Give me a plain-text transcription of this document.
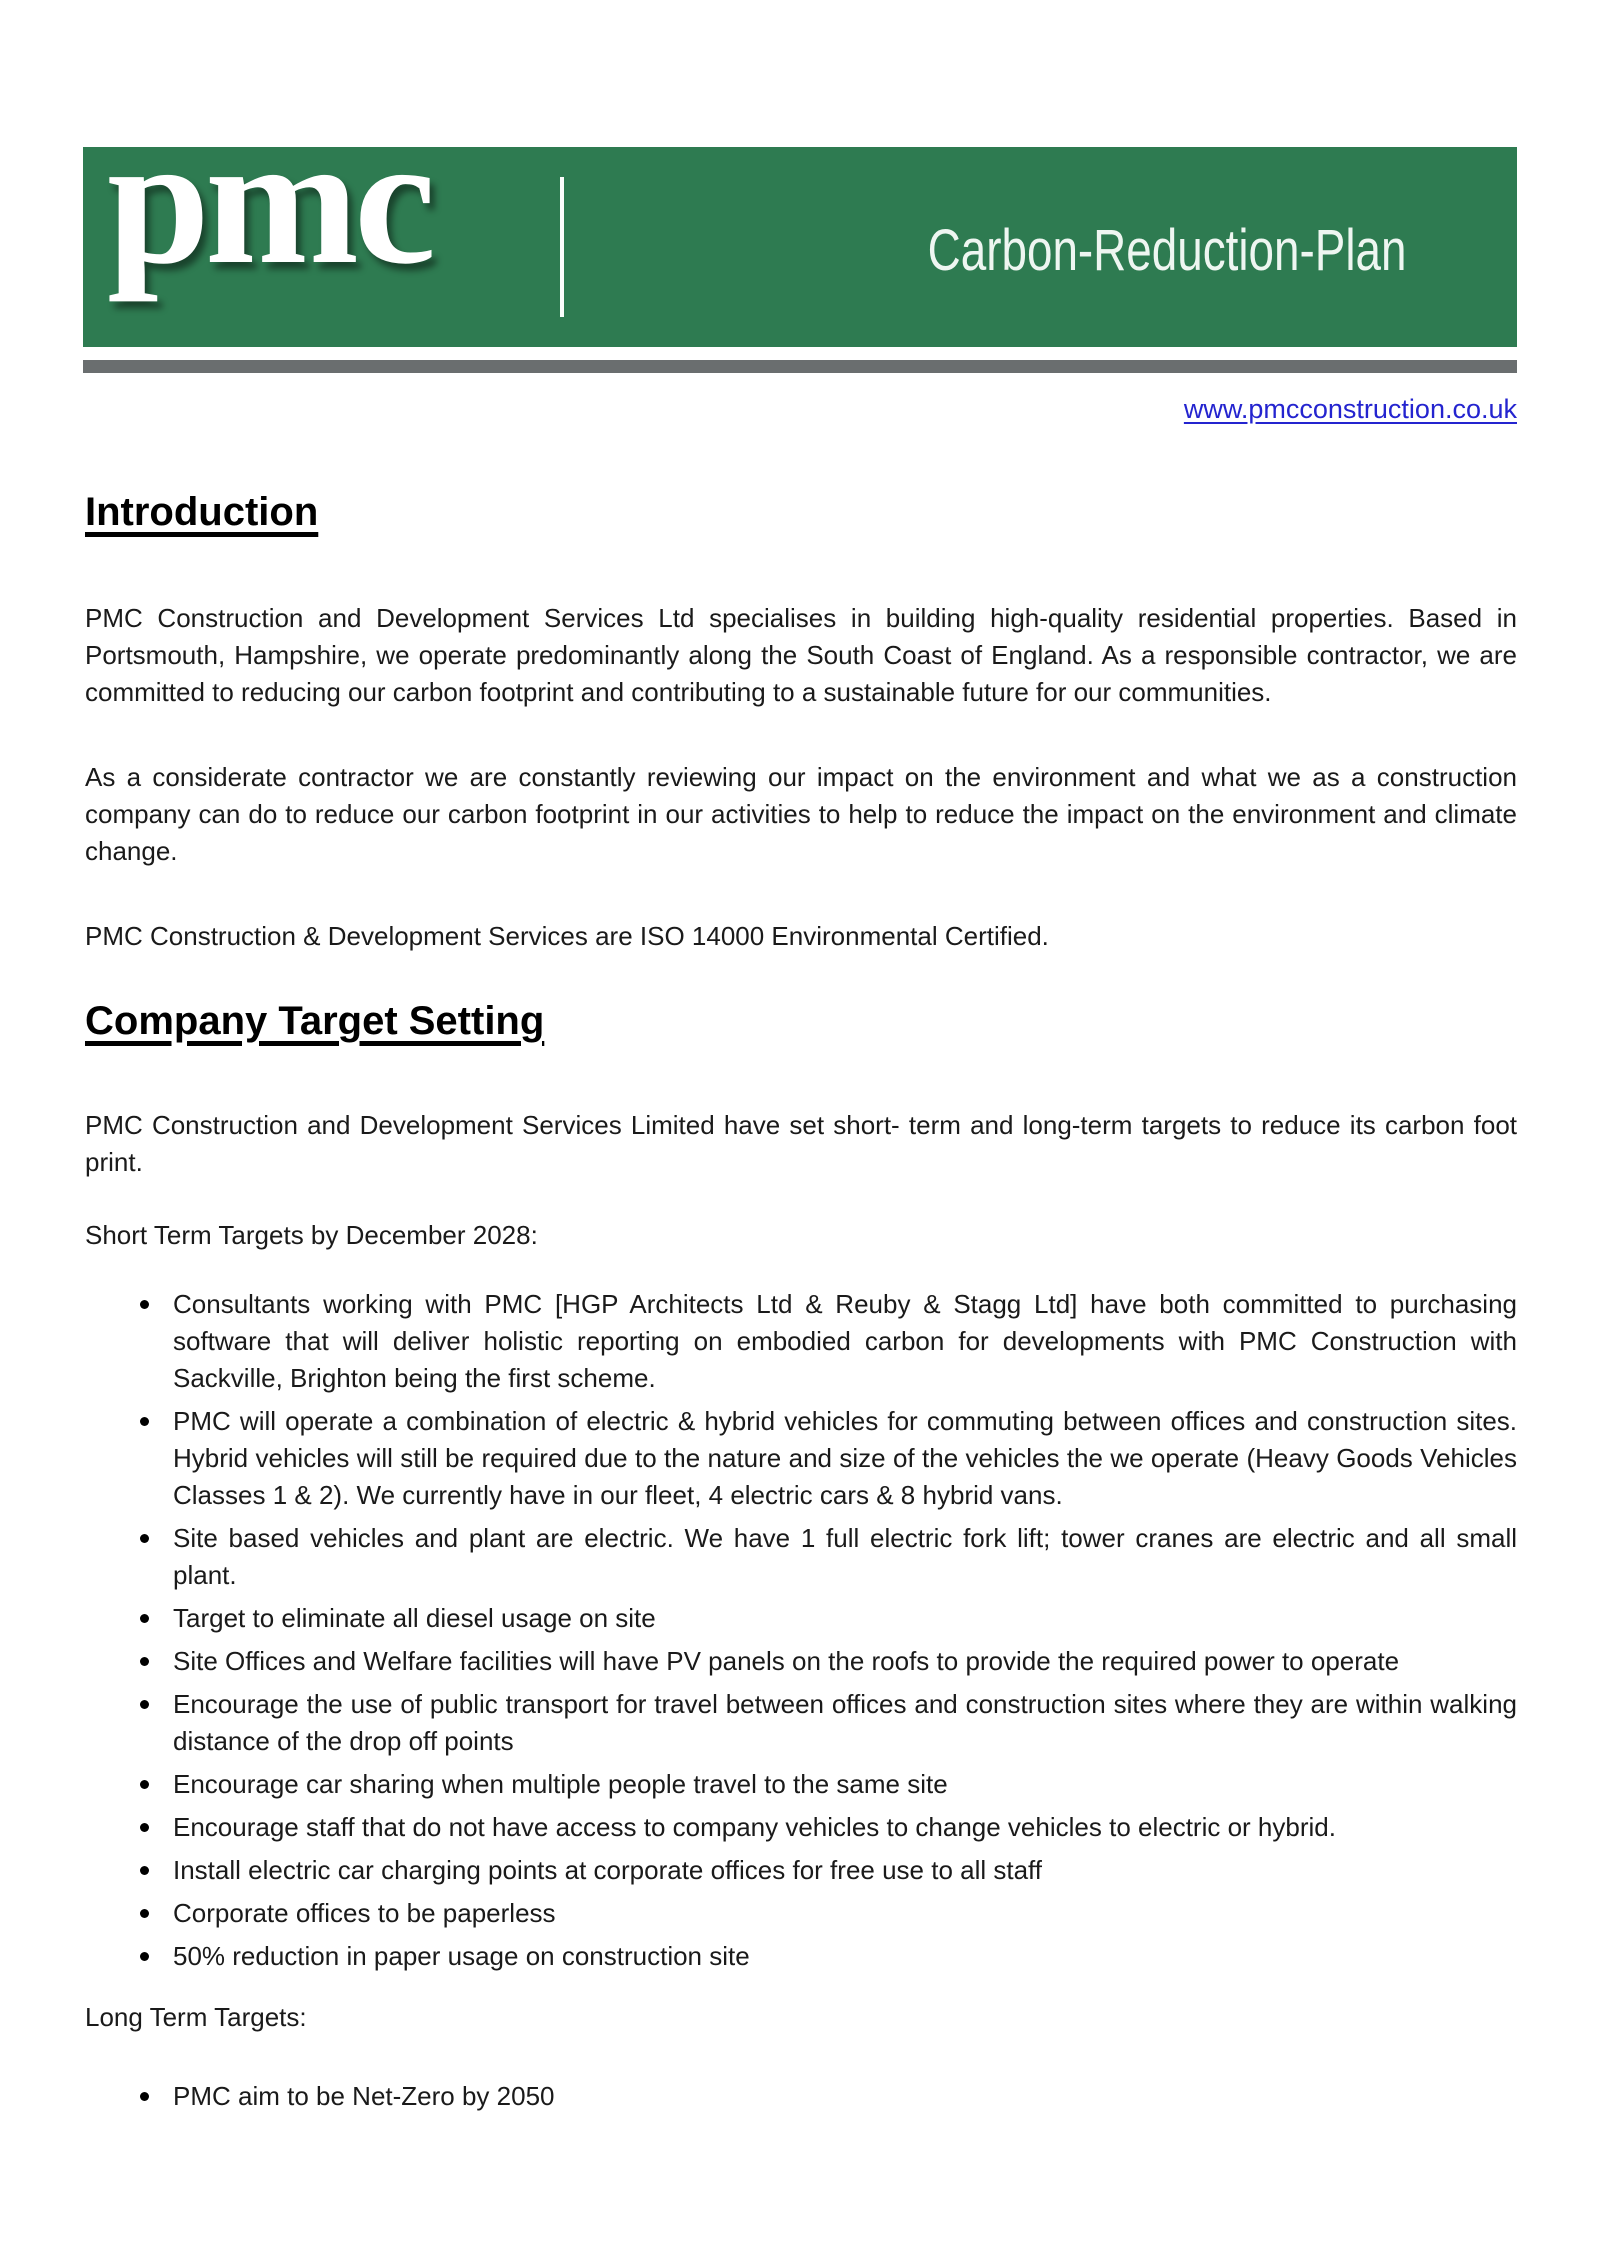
pmc	Carbon-Reduction-Plan
www.pmcconstruction.co.uk
Introduction

PMC Construction and Development Services Ltd specialises in building high-quality residential properties. Based in Portsmouth, Hampshire, we operate predominantly along the South Coast of England. As a responsible contractor, we are committed to reducing our carbon footprint and contributing to a sustainable future for our communities.

As a considerate contractor we are constantly reviewing our impact on the environment and what we as a construction company can do to reduce our carbon footprint in our activities to help to reduce the impact on the environment and climate change.

PMC Construction & Development Services are ISO 14000 Environmental Certified.

Company Target Setting

PMC Construction and Development Services Limited have set short- term and long-term targets to reduce its carbon foot print.

Short Term Targets by December 2028:

Consultants working with PMC [HGP Architects Ltd & Reuby & Stagg Ltd] have both committed to purchasing software that will deliver holistic reporting on embodied carbon for developments with PMC Construction with Sackville, Brighton being the first scheme.
PMC will operate a combination of electric & hybrid vehicles for commuting between offices and construction sites. Hybrid vehicles will still be required due to the nature and size of the vehicles the we operate (Heavy Goods Vehicles Classes 1 & 2). We currently have in our fleet, 4 electric cars & 8 hybrid vans.
Site based vehicles and plant are electric. We have 1 full electric fork lift; tower cranes are electric and all small plant.
Target to eliminate all diesel usage on site
Site Offices and Welfare facilities will have PV panels on the roofs to provide the required power to operate
Encourage the use of public transport for travel between offices and construction sites where they are within walking distance of the drop off points
Encourage car sharing when multiple people travel to the same site
Encourage staff that do not have access to company vehicles to change vehicles to electric or hybrid.
Install electric car charging points at corporate offices for free use to all staff
Corporate offices to be paperless
50% reduction in paper usage on construction site

Long Term Targets:

PMC aim to be Net-Zero by 2050
